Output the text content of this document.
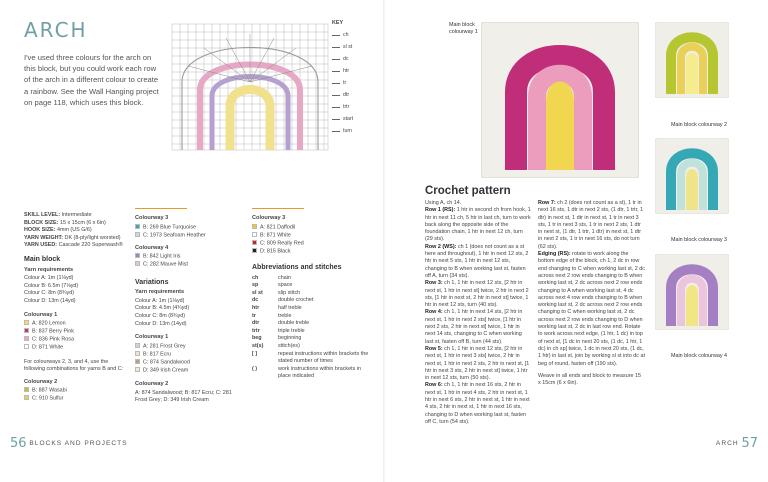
ARCH

I've used three colours for the arch on this block, but you could work each row of the arch in a different colour to create a rainbow. See the Wall Hanging project on page 118, which uses this block.

KEY
ch
sl st
dc
htr
tr
dtr
trtr
start
turn
SKILL LEVEL: Intermediate
BLOCK SIZE: 15 x 15cm (6 x 6in)
HOOK SIZE: 4mm (US G/6)
YARN WEIGHT: DK (8-ply/light worsted)
YARN USED: Cascade 220 Superwash®
Main block
Yarn requirements
Colour A: 1m (1⅛yd)
Colour B: 6.5m (7⅛yd)
Colour C: 8m (8¾yd)
Colour D: 13m (14yd)
Colourway 1
A: 820 Lemon
B: 837 Berry Pink
C: 836 Pink Rosa
D: 871 White
For colourways 2, 3, and 4, use the following combinations for yarns B and C:
Colourway 2
B: 887 Wasabi
C: 910 Sulfur
Colourway 3
B: 269 Blue Turquoise
C: 1973 Seafoam Heather
Colourway 4
B: 842 Light Iris
C: 282 Mauve Mist
Variations
Yarn requirements
Colour A: 1m (1⅛yd)
Colour B: 4.5m (4¾yd)
Colour C: 8m (8¾yd)
Colour D: 13m (14yd)
Colourway 1
A: 281 Frost Grey
B: 817 Ecru
C: 874 Sandalwood
D: 349 Irish Cream
Colourway 2
A: 874 Sandalwood; B: 817 Ecru; C: 281 Frost Grey; D: 349 Irish Cream
Colourway 3
A: 821 Daffodil
B: 871 White
C: 809 Really Red
D: 815 Black
Abbreviations and stitches
ch	chain
sp	space
sl st	slip stitch
dc	double crochet
htr	half treble
tr	treble
dtr	double treble
trtr	triple treble
beg	beginning
st(s)	stitch(es)
[ ]	repeat instructions within brackets the stated number of times
( )	work instructions within brackets in place indicated
56 BLOCKS AND PROJECTS
Main block
colourway 1
Main block colourway 2
Main block colourway 3
Main block colourway 4
Crochet pattern

Using A, ch 14.

Row 1 (RS): 1 htr in second ch from hook, 1 htr in next 11 ch, 5 htr in last ch, turn to work back along the opposite side of the foundation chain, 1 htr in next 12 ch, turn (29 sts).

Row 2 (WS): ch 1 (does not count as a st here and throughout), 1 htr in next 12 sts, 2 htr in next 5 sts, 1 htr in next 12 sts, changing to B when working last st, fasten off A, turn (34 sts).

Row 3: ch 1, 1 htr in next 12 sts, [2 htr in next st, 1 htr in next st] twice, 2 htr in next 2 sts, [1 htr in next st, 2 htr in next st] twice, 1 htr in next 12 sts, turn (40 sts).

Row 4: ch 1, 1 htr in next 14 sts, [2 htr in next st, 1 htr in next 2 sts] twice, [1 htr in next 2 sts, 2 htr in next st] twice, 1 htr in next 14 sts, changing to C when working last st, fasten off B, turn (44 sts).

Row 5: ch 1, 1 htr in next 12 sts, [2 htr in next st, 1 htr in next 3 sts] twice, 2 htr in next st, 1 htr in next 2 sts, 2 htr in next st, [1 htr in next 3 sts, 2 htr in next st] twice, 1 htr in next 12 sts, turn (50 sts).

Row 6: ch 1, 1 htr in next 16 sts, 2 htr in next st, 1 htr in next 4 sts, 2 htr in next st, 1 htr in next 6 sts, 2 htr in next st, 1 htr in next 4 sts, 2 htr in next st, 1 htr in next 16 sts, changing to D when working last st, fasten off C, turn (54 sts).

Row 7: ch 2 (does not count as a st), 1 tr in next 16 sts, 1 dtr in next 2 sts, (1 dtr, 1 trtr, 1 dtr) in next st, 1 dtr in next st, 1 tr in next 3 sts, 1 tr in next 3 sts, 1 tr in next 2 sts, 1 dtr in next st, (1 dtr, 1 trtr, 1 dtr) in next st, 1 dtr in next 2 sts, 1 tr in next 16 sts, do not turn (62 sts).

Edging (RS): rotate to work along the bottom edge of the block, ch 1, 2 dc in row end changing to C when working last st, 2 dc across next 2 row ends changing to B when working last st, 2 dc across next 2 row ends changing to A when working last st, 4 dc across next 4 row ends changing to B when working last st, 2 dc across next 2 row ends changing to C when working last st, 2 dc across next 2 row ends changing to D when working last st, 2 dc in last row end. Rotate to work across next edge, (1 htr, 1 dc) in top of next st, [1 dc in next 20 sts, (1 dc, 1 htr, 1 dc) in ch sp] twice, 1 dc in next 20 sts, (1 dc, 1 htr) in last st, join by working sl st into dc at beg of round, fasten off (190 sts).

Weave in all ends and block to measure 15 x 15cm (6 x 6in).

ARCH 57
